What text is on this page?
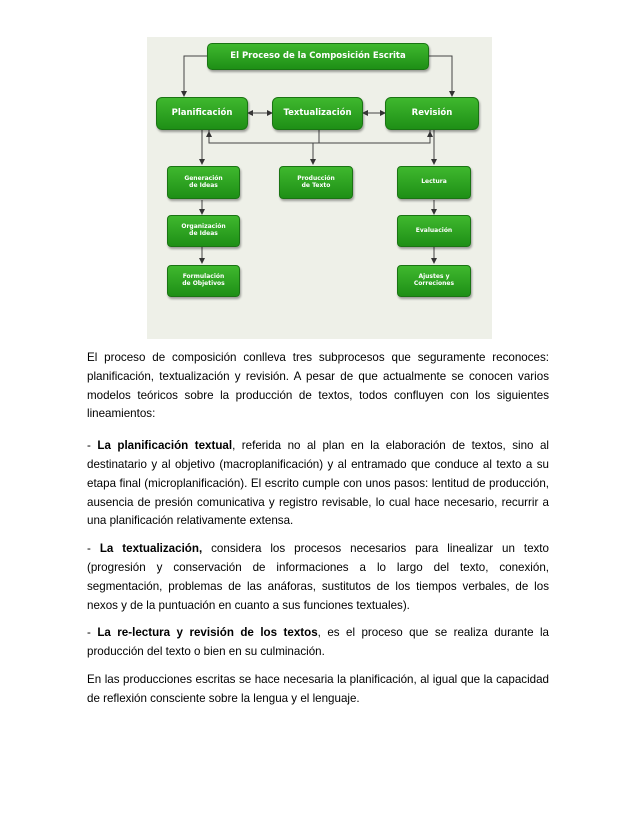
El Proceso de la Composición Escrita
Planificación	Textualización	Revisión
Generación
de Ideas
Organización
de Ideas
Formulación
de Objetivos
Producción
de Texto	Lectura
Evaluación
Ajustes y
Correciones

El proceso de composición conlleva tres subprocesos que seguramente reconoces: planificación, textualización y revisión. A pesar de que actualmente se conocen varios modelos teóricos sobre la producción de textos, todos confluyen con los siguientes lineamientos:

- La planificación textual, referida no al plan en la elaboración de textos, sino al destinatario y al objetivo (macroplanificación) y al entramado que conduce al texto a su etapa final (microplanificación). El escrito cumple con unos pasos: lentitud de producción, ausencia de presión comunicativa y registro revisable, lo cual hace necesario, recurrir a una planificación relativamente extensa.

- La textualización, considera los procesos necesarios para linealizar un texto (progresión y conservación de informaciones a lo largo del texto, conexión, segmentación, problemas de las anáforas, sustitutos de los tiempos verbales, de los nexos y de la puntuación en cuanto a sus funciones textuales).

- La re-lectura y revisión de los textos, es el proceso que se realiza durante la producción del texto o bien en su culminación.

En las producciones escritas se hace necesaria la planificación, al igual que la capacidad de reflexión consciente sobre la lengua y el lenguaje.
